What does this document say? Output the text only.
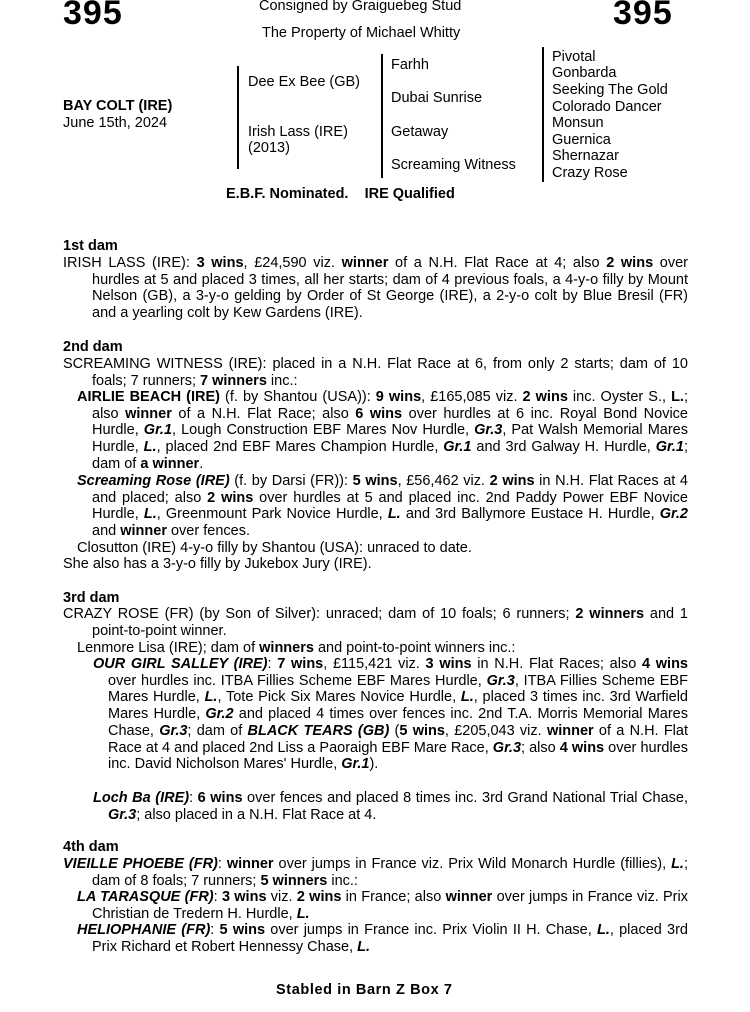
395	395
Consigned by Graiguebeg Stud
The Property of Michael Whitty
BAY COLT (IRE)
June 15th, 2024
Dee Ex Bee (GB)
Irish Lass (IRE)
(2013)
Farhh
Dubai Sunrise
Getaway
Screaming Witness
Pivotal
Gonbarda
Seeking The Gold
Colorado Dancer
Monsun
Guernica
Shernazar
Crazy Rose
E.B.F. Nominated.    IRE Qualified
1st dam
IRISH LASS (IRE): 3 wins, £24,590 viz. winner of a N.H. Flat Race at 4; also 2 wins over hurdles at 5 and placed 3 times, all her starts; dam of 4 previous foals, a 4-y-o filly by Mount Nelson (GB), a 3-y-o gelding by Order of St George (IRE), a 2-y-o colt by Blue Bresil (FR) and a yearling colt by Kew Gardens (IRE).
2nd dam
SCREAMING WITNESS (IRE): placed in a N.H. Flat Race at 6, from only 2 starts; dam of 10 foals; 7 runners; 7 winners inc.:
AIRLIE BEACH (IRE) (f. by Shantou (USA)): 9 wins, £165,085 viz. 2 wins inc. Oyster S., L.; also winner of a N.H. Flat Race; also 6 wins over hurdles at 6 inc. Royal Bond Novice Hurdle, Gr.1, Lough Construction EBF Mares Nov Hurdle, Gr.3, Pat Walsh Memorial Mares Hurdle, L., placed 2nd EBF Mares Champion Hurdle, Gr.1 and 3rd Galway H. Hurdle, Gr.1; dam of a winner.
Screaming Rose (IRE) (f. by Darsi (FR)): 5 wins, £56,462 viz. 2 wins in N.H. Flat Races at 4 and placed; also 2 wins over hurdles at 5 and placed inc. 2nd Paddy Power EBF Novice Hurdle, L., Greenmount Park Novice Hurdle, L. and 3rd Ballymore Eustace H. Hurdle, Gr.2 and winner over fences.
Closutton (IRE) 4-y-o filly by Shantou (USA): unraced to date.
She also has a 3-y-o filly by Jukebox Jury (IRE).
3rd dam
CRAZY ROSE (FR) (by Son of Silver): unraced; dam of 10 foals; 6 runners; 2 winners and 1 point-to-point winner.
Lenmore Lisa (IRE); dam of winners and point-to-point winners inc.:
OUR GIRL SALLEY (IRE): 7 wins, £115,421 viz. 3 wins in N.H. Flat Races; also 4 wins over hurdles inc. ITBA Fillies Scheme EBF Mares Hurdle, Gr.3, ITBA Fillies Scheme EBF Mares Hurdle, L., Tote Pick Six Mares Novice Hurdle, L., placed 3 times inc. 3rd Warfield Mares Hurdle, Gr.2 and placed 4 times over fences inc. 2nd T.A. Morris Memorial Mares Chase, Gr.3; dam of BLACK TEARS (GB) (5 wins, £205,043 viz. winner of a N.H. Flat Race at 4 and placed 2nd Liss a Paoraigh EBF Mare Race, Gr.3; also 4 wins over hurdles inc. David Nicholson Mares' Hurdle, Gr.1).
Loch Ba (IRE): 6 wins over fences and placed 8 times inc. 3rd Grand National Trial Chase, Gr.3; also placed in a N.H. Flat Race at 4.
4th dam
VIEILLE PHOEBE (FR): winner over jumps in France viz. Prix Wild Monarch Hurdle (fillies), L.; dam of 8 foals; 7 runners; 5 winners inc.:
LA TARASQUE (FR): 3 wins viz. 2 wins in France; also winner over jumps in France viz. Prix Christian de Tredern H. Hurdle, L.
HELIOPHANIE (FR): 5 wins over jumps in France inc. Prix Violin II H. Chase, L., placed 3rd Prix Richard et Robert Hennessy Chase, L.
Stabled in Barn Z Box 7
